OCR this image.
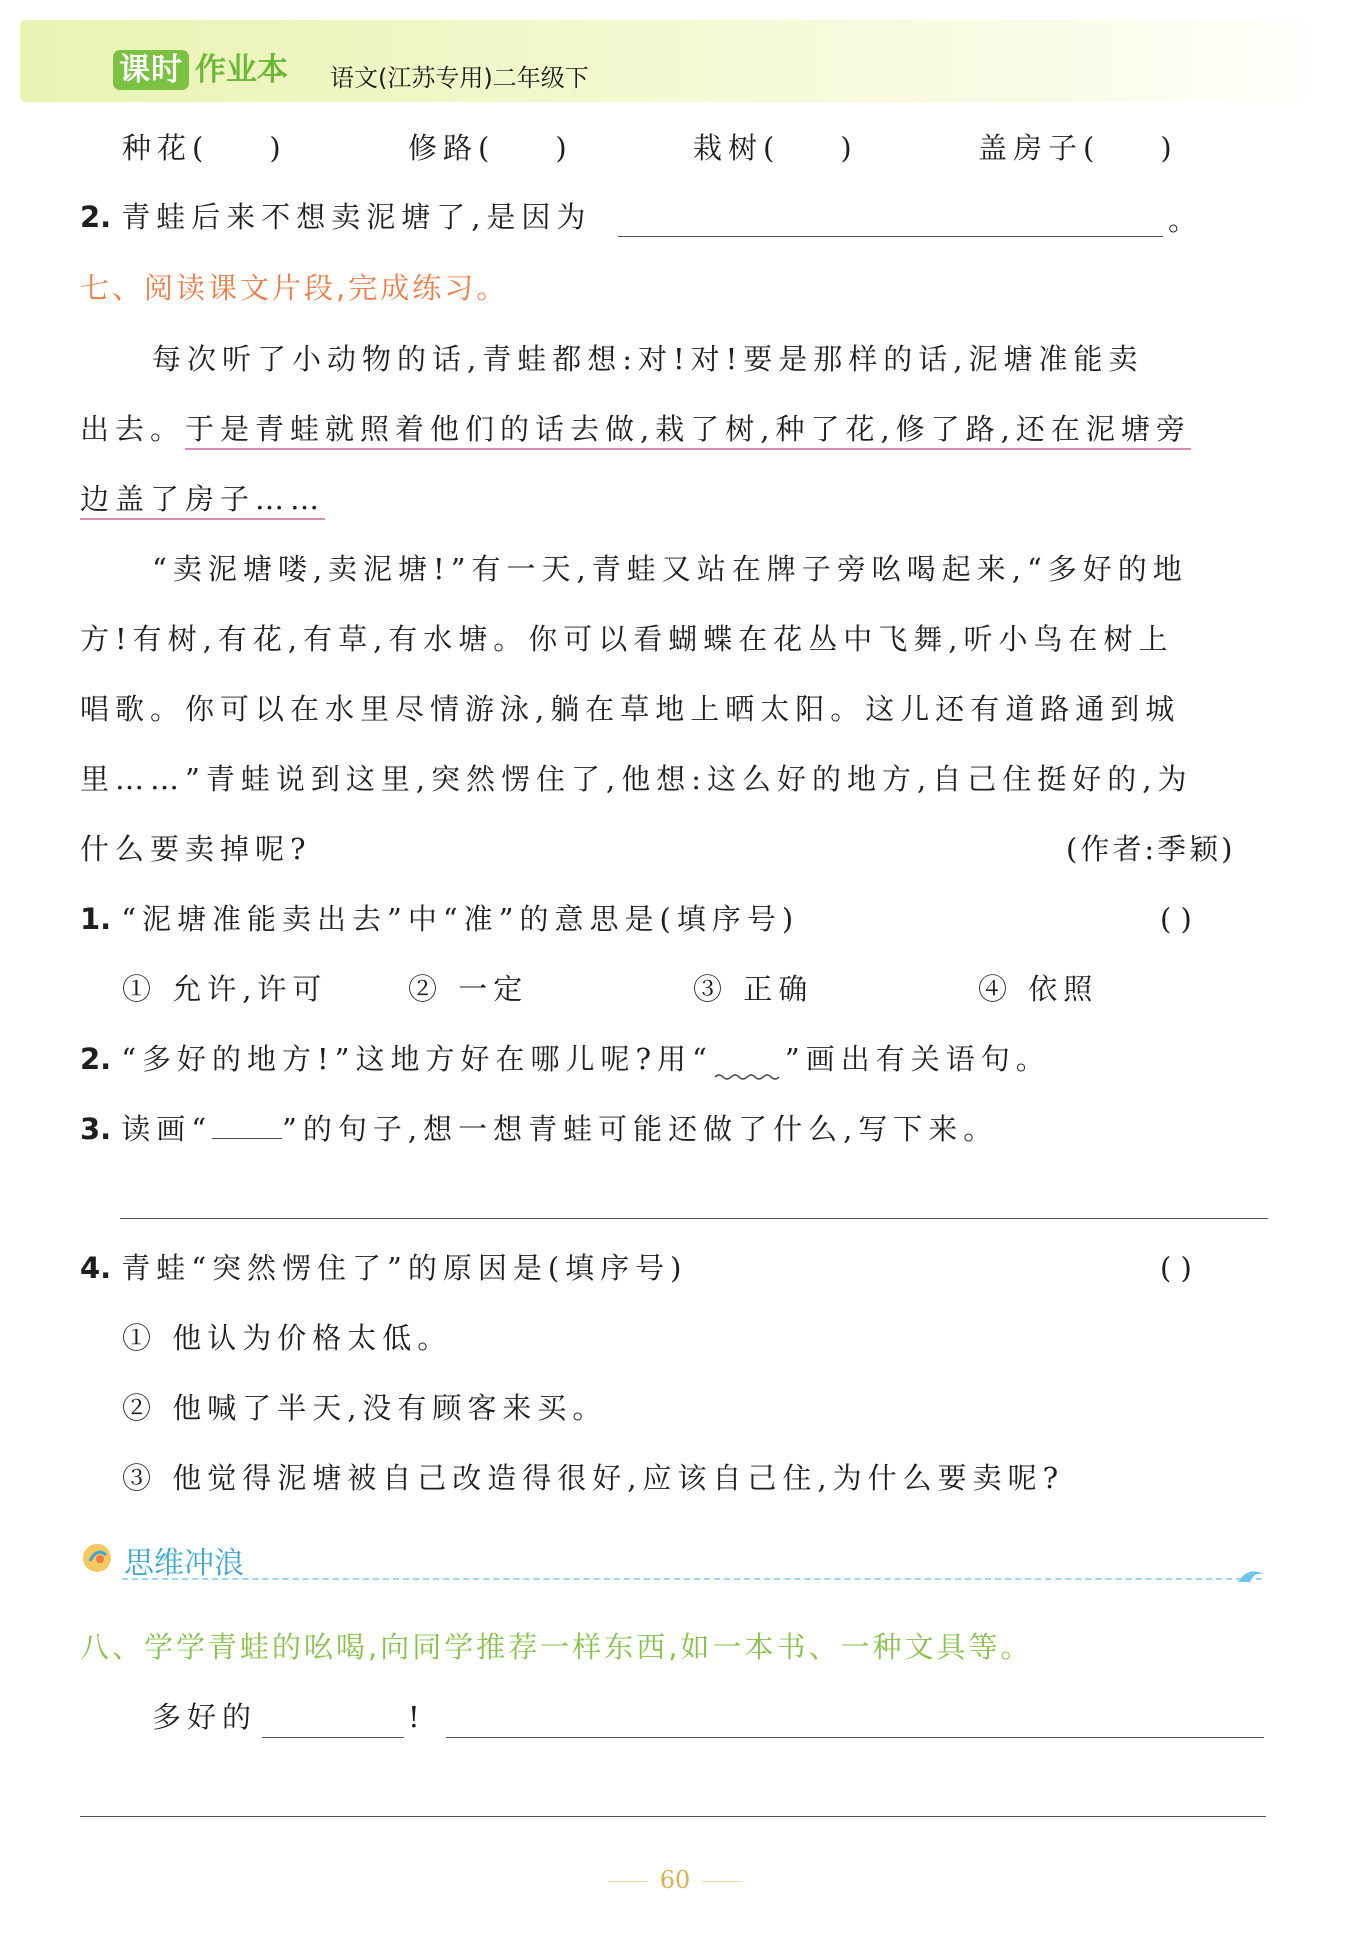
课时 作业本 语文(江苏专用)二年级下
种花( )	修路( )	栽树( )	盖房子( )
2. 青蛙后来不想卖泥塘了,是因为	。
七、阅读课文片段,完成练习。
每次听了小动物的话,青蛙都想:对!对!要是那样的话,泥塘准能卖
出去。于是青蛙就照着他们的话去做,栽了树,种了花,修了路,还在泥塘旁
边盖了房子……
“卖泥塘喽,卖泥塘!”有一天,青蛙又站在牌子旁吆喝起来,“多好的地
方!有树,有花,有草,有水塘。你可以看蝴蝶在花丛中飞舞,听小鸟在树上
唱歌。你可以在水里尽情游泳,躺在草地上晒太阳。这儿还有道路通到城
里……”青蛙说到这里,突然愣住了,他想:这么好的地方,自己住挺好的,为
什么要卖掉呢?	(作者:季颖)
1. “泥塘准能卖出去”中“准”的意思是(填序号)	( )
① 允许,许可	② 一定	③ 正确	④ 依照
2. “多好的地方!”这地方好在哪儿呢?用“ ”画出有关语句。
3. 读画“ ”的句子,想一想青蛙可能还做了什么,写下来。
4. 青蛙“突然愣住了”的原因是(填序号)	( )
① 他认为价格太低。
② 他喊了半天,没有顾客来买。
③ 他觉得泥塘被自己改造得很好,应该自己住,为什么要卖呢?
思维冲浪
八、学学青蛙的吆喝,向同学推荐一样东西,如一本书、一种文具等。
多好的	!
60
